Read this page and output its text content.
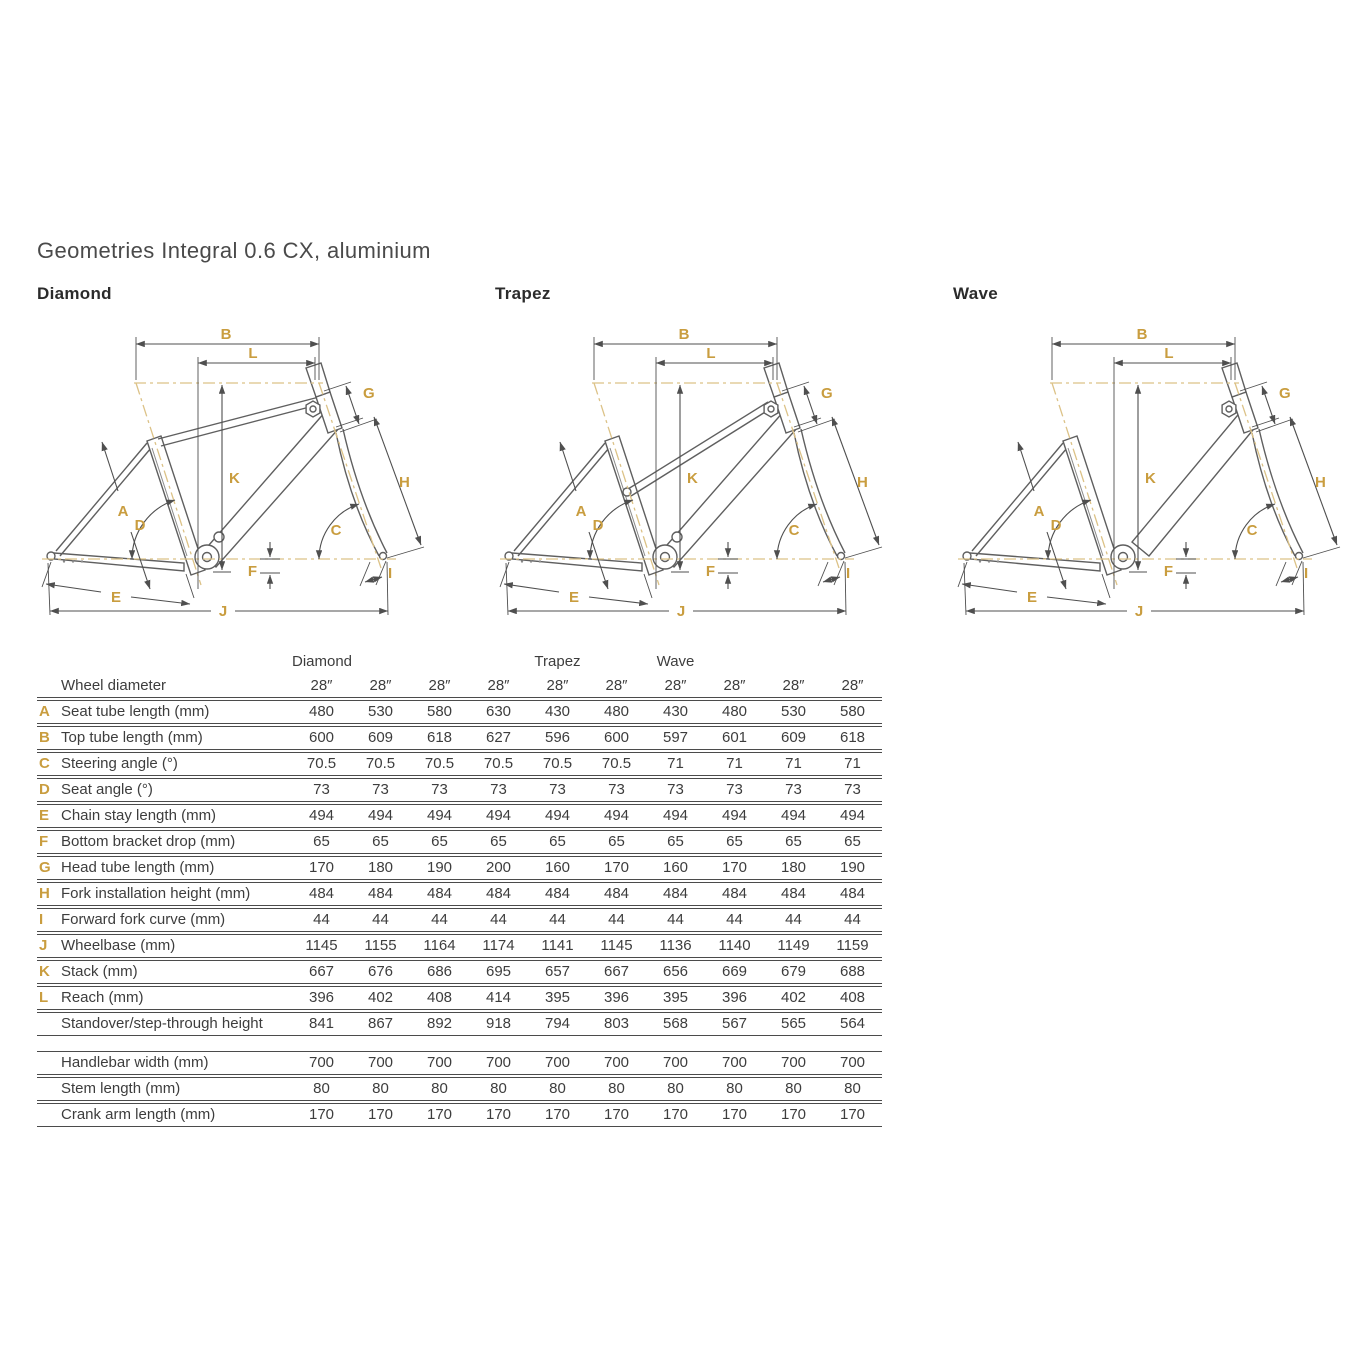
Geometries Integral 0.6 CX, aluminium
Diamond
A
B
C
D
E
F
G
H
I
J
K
L
Trapez
A
B
C
D
E
F
G
H
I
J
K
L
Wave
A
B
C
D
E
F
G
H
I
J
K
L
Diamond	Trapez	Wave
Wheel diameter	28″	28″	28″	28″	28″	28″	28″	28″	28″	28″
A Seat tube length (mm)	480	530	580	630	430	480	430	480	530	580
B Top tube length (mm)	600	609	618	627	596	600	597	601	609	618
C Steering angle (°)	70.5	70.5	70.5	70.5	70.5	70.5	71	71	71	71
D Seat angle (°)	73	73	73	73	73	73	73	73	73	73
E Chain stay length (mm)	494	494	494	494	494	494	494	494	494	494
F Bottom bracket drop (mm)	65	65	65	65	65	65	65	65	65	65
G Head tube length (mm)	170	180	190	200	160	170	160	170	180	190
H Fork installation height (mm)	484	484	484	484	484	484	484	484	484	484
I	Forward fork curve (mm)	44	44	44	44	44	44	44	44	44	44
J Wheelbase (mm)	1145	1155	1164	1174	1141	1145	1136	1140	1149	1159
K Stack (mm)	667	676	686	695	657	667	656	669	679	688
L Reach (mm)	396	402	408	414	395	396	395	396	402	408
Standover/step-through height	841	867	892	918	794	803	568	567	565	564
Handlebar width (mm)	700	700	700	700	700	700	700	700	700	700
Stem length (mm)	80	80	80	80	80	80	80	80	80	80
Crank arm length (mm)	170	170	170	170	170	170	170	170	170	170
